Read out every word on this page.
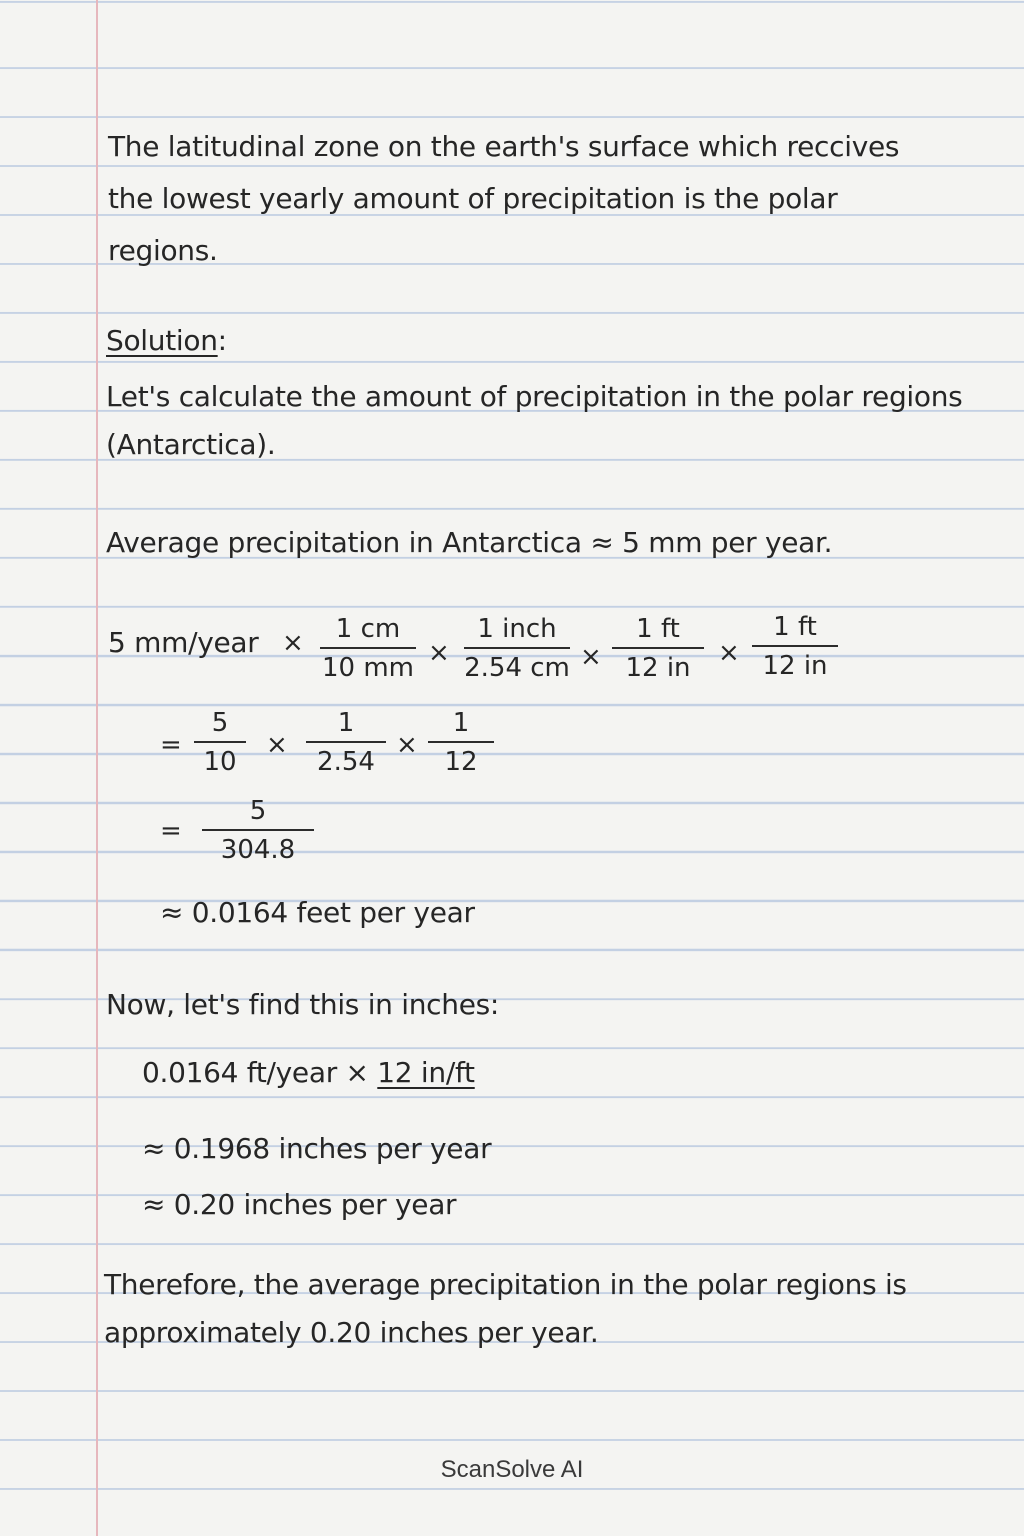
The latitudinal zone on the earth's surface which reccives
the lowest yearly amount of precipitation is the polar
regions.
Solution:
Let's calculate the amount of precipitation in the polar regions
(Antarctica).
Average precipitation in Antarctica ≈ 5 mm per year.
5 mm/year × 1 cm
10 mm ×
1 inch
2.54 cm ×
1 ft
12 in ×
1 ft
12 in
=
5
10
×
1
2.54
×
1
12
=
5
304.8
≈ 0.0164 feet per year
Now, let's find this in inches:
0.0164 ft/year × 12 in/ft
≈ 0.1968 inches per year
≈ 0.20 inches per year
Therefore, the average precipitation in the polar regions is
approximately 0.20 inches per year.
ScanSolve AI
